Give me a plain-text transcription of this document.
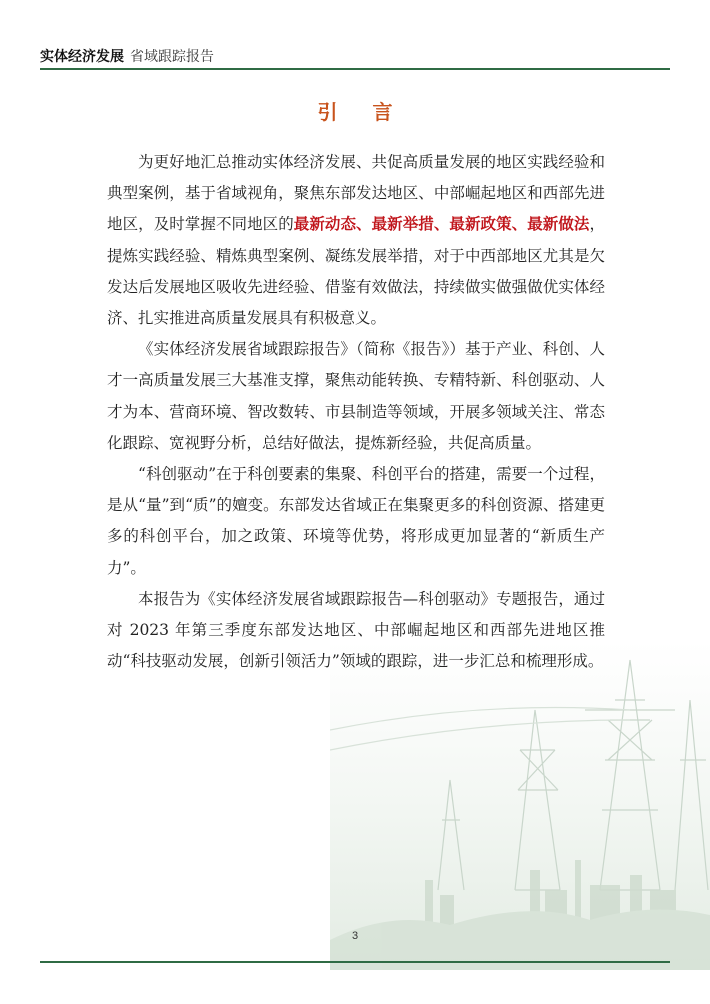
实体经济发展 省域跟踪报告
引 言

为更好地汇总推动实体经济发展、共促高质量发展的地区实践经验和典型案例，基于省域视角，聚焦东部发达地区、中部崛起地区和西部先进地区，及时掌握不同地区的最新动态、最新举措、最新政策、最新做法，提炼实践经验、精炼典型案例、凝练发展举措，对于中西部地区尤其是欠发达后发展地区吸收先进经验、借鉴有效做法，持续做实做强做优实体经济、扎实推进高质量发展具有积极意义。

《实体经济发展省域跟踪报告》（简称《报告》）基于产业、科创、人才一高质量发展三大基准支撑，聚焦动能转换、专精特新、科创驱动、人才为本、营商环境、智改数转、市县制造等领域，开展多领域关注、常态化跟踪、宽视野分析，总结好做法，提炼新经验，共促高质量。

“科创驱动”在于科创要素的集聚、科创平台的搭建，需要一个过程，是从“量”到“质”的嬗变。东部发达省域正在集聚更多的科创资源、搭建更多的科创平台，加之政策、环境等优势，将形成更加显著的“新质生产力”。

本报告为《实体经济发展省域跟踪报告—科创驱动》专题报告，通过对 2023 年第三季度东部发达地区、中部崛起地区和西部先进地区推动“科技驱动发展，创新引领活力”领域的跟踪，进一步汇总和梳理形成。

3
